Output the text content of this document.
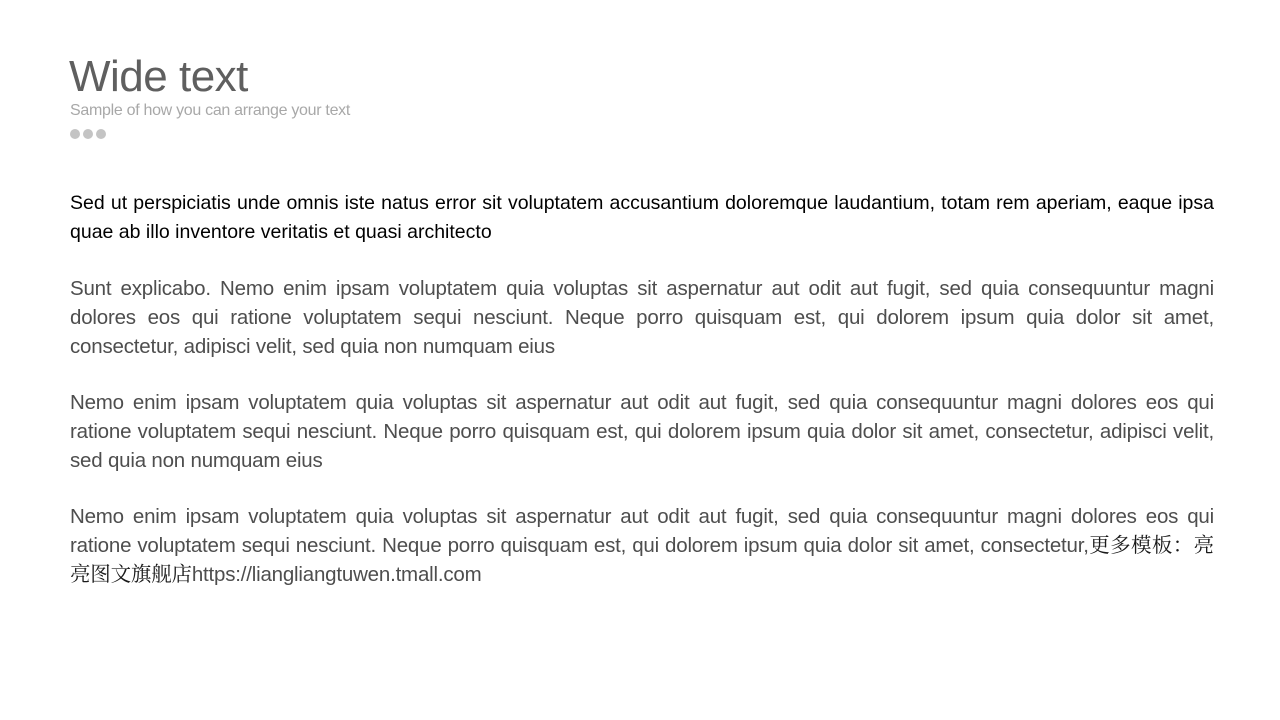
Wide text

Sample of how you can arrange your text

Sed ut perspiciatis unde omnis iste natus error sit voluptatem accusantium doloremque laudantium, totam rem aperiam, eaque ipsa quae ab illo inventore veritatis et quasi architecto

Sunt explicabo. Nemo enim ipsam voluptatem quia voluptas sit aspernatur aut odit aut fugit, sed quia consequuntur magni dolores eos qui ratione voluptatem sequi nesciunt. Neque porro quisquam est, qui dolorem ipsum quia dolor sit amet, consectetur, adipisci velit, sed quia non numquam eius

Nemo enim ipsam voluptatem quia voluptas sit aspernatur aut odit aut fugit, sed quia consequuntur magni dolores eos qui ratione voluptatem sequi nesciunt. Neque porro quisquam est, qui dolorem ipsum quia dolor sit amet, consectetur, adipisci velit, sed quia non numquam eius

Nemo enim ipsam voluptatem quia voluptas sit aspernatur aut odit aut fugit, sed quia consequuntur magni dolores eos qui ratione voluptatem sequi nesciunt. Neque porro quisquam est, qui dolorem ipsum quia dolor sit amet, consectetur,更多模板：亮亮图文旗舰店https://liangliangtuwen.tmall.com
